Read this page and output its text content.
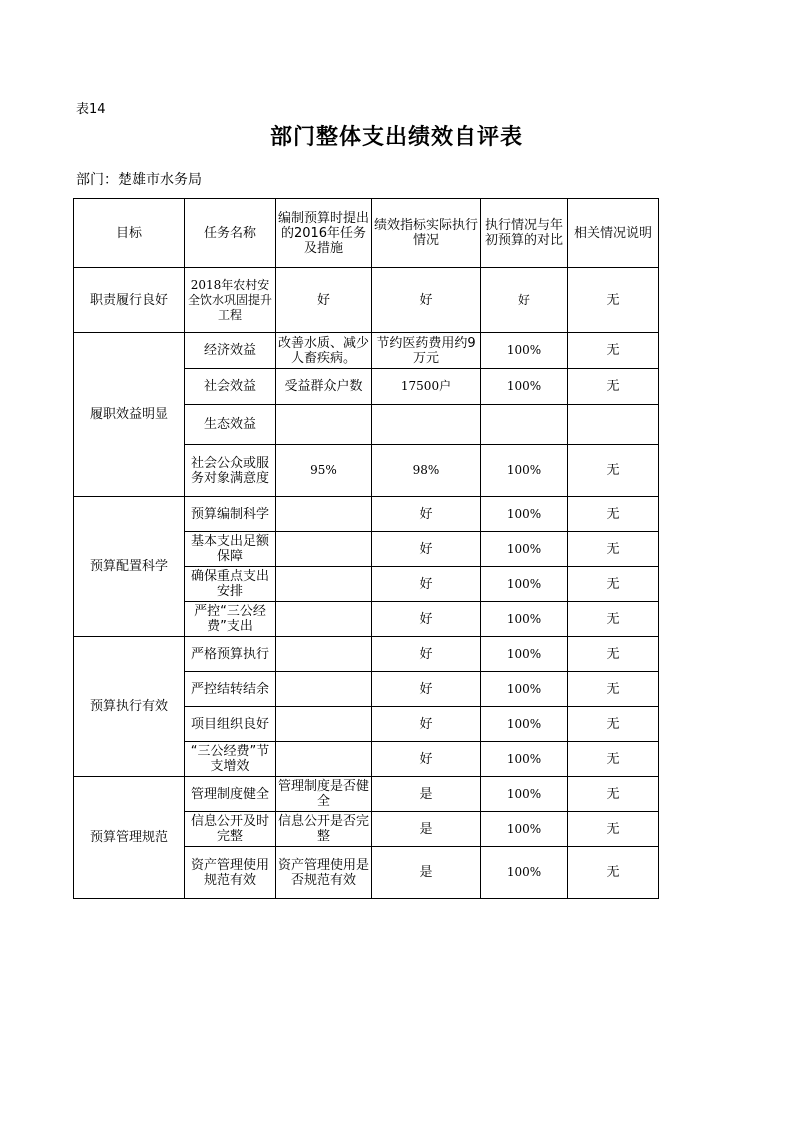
表14
部门整体支出绩效自评表
部门：楚雄市水务局
目标	任务名称	编制预算时提出的2016年任务及措施	绩效指标实际执行情况	执行情况与年初预算的对比	相关情况说明
职责履行良好	2018年农村安全饮水巩固提升工程	好	好	好	无
履职效益明显	经济效益	改善水质、减少人畜疾病。	节约医药费用约9万元	100%	无
	社会效益	受益群众户数	17500户	100%	无
	生态效益				
	社会公众或服务对象满意度	95%	98%	100%	无
预算配置科学	预算编制科学		好	100%	无
	基本支出足额保障		好	100%	无
	确保重点支出安排		好	100%	无
	严控“三公经费”支出		好	100%	无
预算执行有效	严格预算执行		好	100%	无
	严控结转结余		好	100%	无
	项目组织良好		好	100%	无
	“三公经费”节支增效		好	100%	无
预算管理规范	管理制度健全	管理制度是否健全	是	100%	无
	信息公开及时完整	信息公开是否完整	是	100%	无
	资产管理使用规范有效	资产管理使用是否规范有效	是	100%	无
